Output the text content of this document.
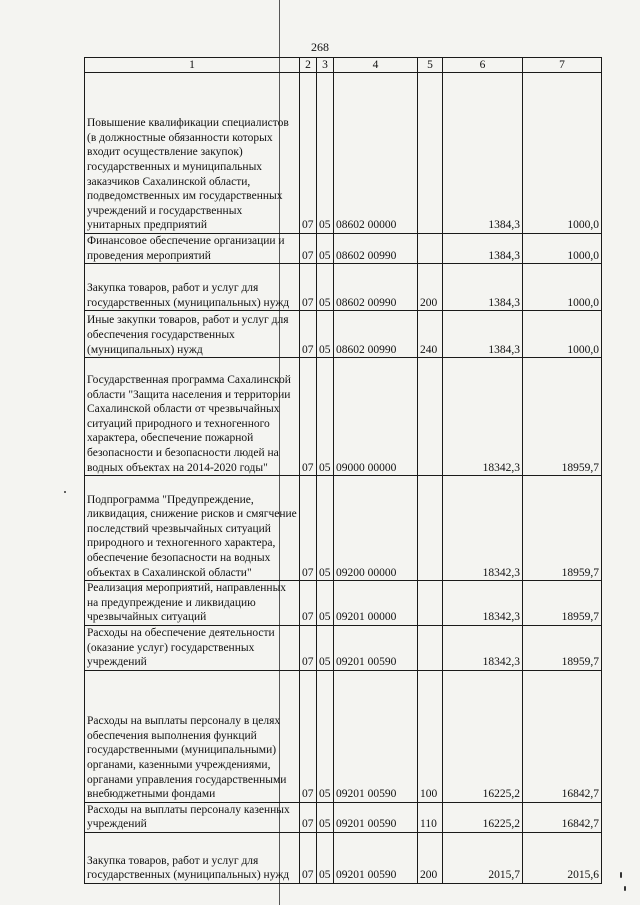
268
1	2	3	4	5	6	7
Повышение квалификации специалистов (в должностные обязанности которых входит осуществление закупок) государственных и муниципальных заказчиков Сахалинской области, подведомственных им государственных учреждений и государственных унитарных предприятий	07	05	08602 00000		1384,3	1000,0
Финансовое обеспечение организации и проведения мероприятий	07	05	08602 00990		1384,3	1000,0
Закупка товаров, работ и услуг для государственных (муниципальных) нужд	07	05	08602 00990	200	1384,3	1000,0
Иные закупки товаров, работ и услуг для обеспечения государственных (муниципальных) нужд	07	05	08602 00990	240	1384,3	1000,0
Государственная программа Сахалинской области "Защита населения и территории Сахалинской области от чрезвычайных ситуаций природного и техногенного характера, обеспечение пожарной безопасности и безопасности людей на водных объектах на 2014-2020 годы"	07	05	09000 00000		18342,3	18959,7
Подпрограмма "Предупреждение, ликвидация, снижение рисков и смягчение последствий чрезвычайных ситуаций природного и техногенного характера, обеспечение безопасности на водных объектах в Сахалинской области"	07	05	09200 00000		18342,3	18959,7
Реализация мероприятий, направленных на предупреждение и ликвидацию чрезвычайных ситуаций	07	05	09201 00000		18342,3	18959,7
Расходы на обеспечение деятельности (оказание услуг) государственных учреждений	07	05	09201 00590		18342,3	18959,7
Расходы на выплаты персоналу в целях обеспечения выполнения функций государственными (муниципальными) органами, казенными учреждениями, органами управления государственными внебюджетными фондами	07	05	09201 00590	100	16225,2	16842,7
Расходы на выплаты персоналу казенных учреждений	07	05	09201 00590	110	16225,2	16842,7
Закупка товаров, работ и услуг для государственных (муниципальных) нужд	07	05	09201 00590	200	2015,7	2015,6
